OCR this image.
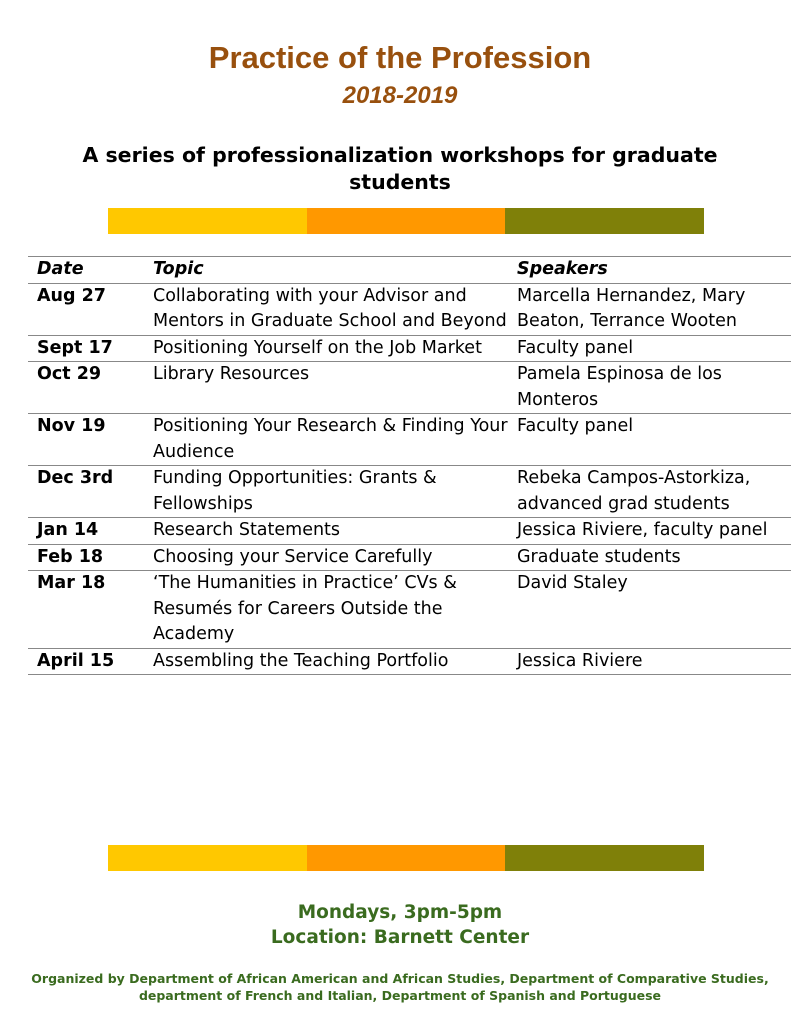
Practice of the Profession
2018-2019
A series of professionalization workshops for graduate students
Date	Topic	Speakers
Aug 27	Collaborating with your Advisor and Mentors in Graduate School and Beyond	Marcella Hernandez, Mary Beaton, Terrance Wooten
Sept 17	Positioning Yourself on the Job Market	Faculty panel
Oct 29	Library Resources	Pamela Espinosa de los Monteros
Nov 19	Positioning Your Research & Finding Your Audience	Faculty panel
Dec 3rd	Funding Opportunities: Grants & Fellowships	Rebeka Campos-Astorkiza, advanced grad students
Jan 14	Research Statements	Jessica Riviere, faculty panel
Feb 18	Choosing your Service Carefully	Graduate students
Mar 18	‘The Humanities in Practice’ CVs & Resumés for Careers Outside the Academy	David Staley
April 15	Assembling the Teaching Portfolio	Jessica Riviere
Mondays, 3pm-5pm
Location: Barnett Center
Organized by Department of African American and African Studies, Department of Comparative Studies, department of French and Italian, Department of Spanish and Portuguese
